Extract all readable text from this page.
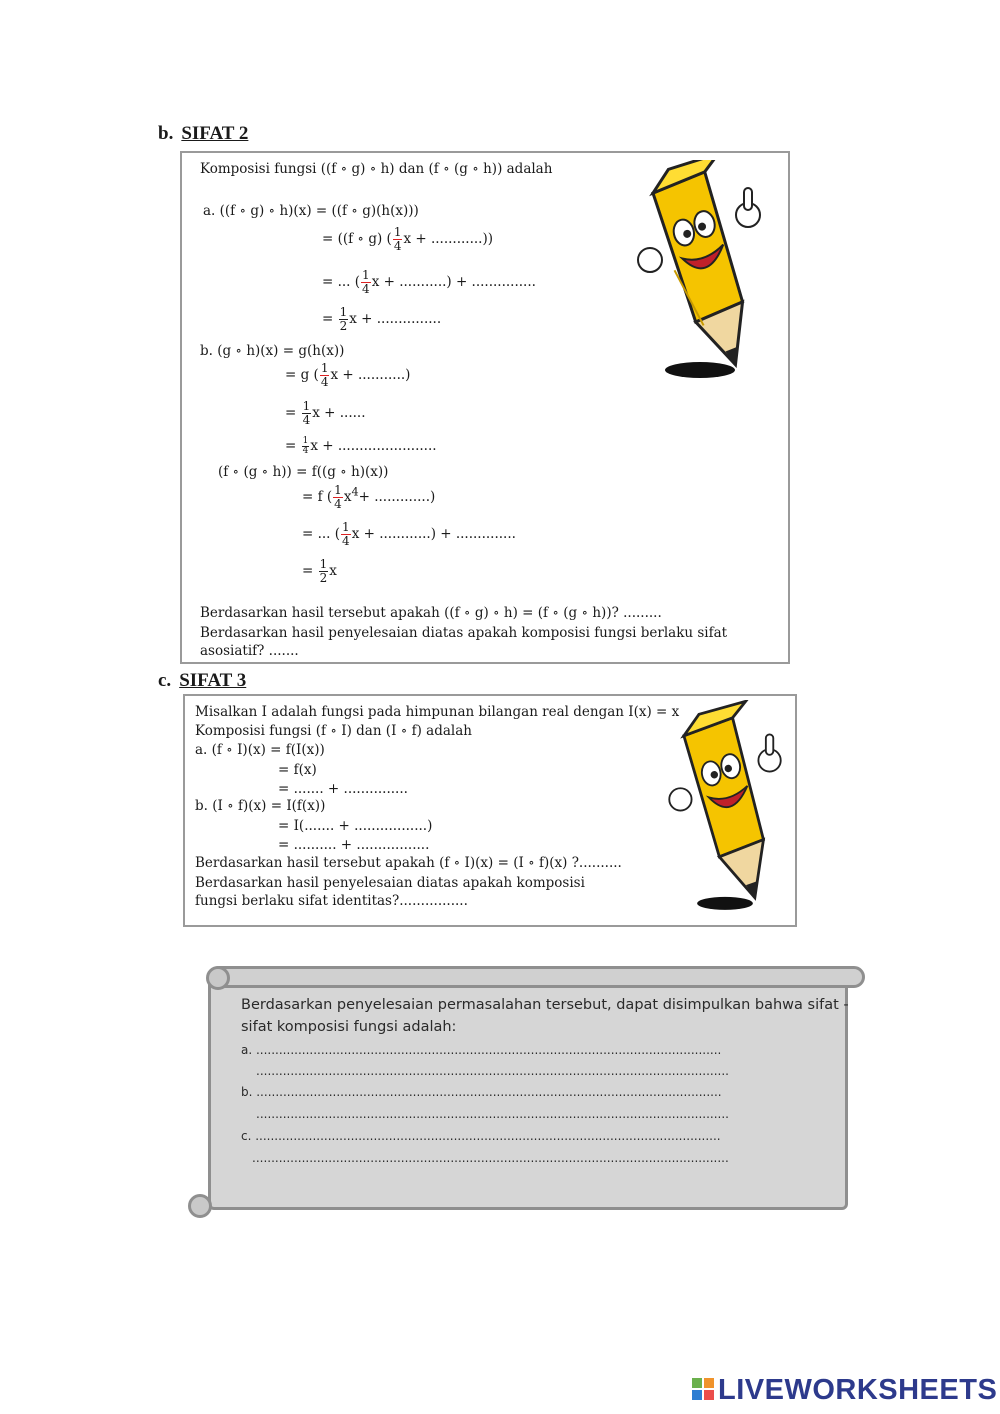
b. SIFAT 2
Komposisi fungsi ((f ∘ g) ∘ h) dan (f ∘ (g ∘ h)) adalah
a. ((f ∘ g) ∘ h)(x) = ((f ∘ g)(h(x)))
= ((f ∘ g) ( $\frac{1}{4}$ x + ............))
= ... ( $\frac{1}{4}$ x + ...........) + ...............
= $\frac{1}{2}$ x + ...............
b. (g ∘ h)(x) = g(h(x))
= g ( $\frac{1}{4}$ x + ...........)
= $\frac{1}{4}$ x + ......
= $\frac{1}{4}$ x + .......................
(f ∘ (g ∘ h)) = f((g ∘ h)(x))
= f ( $\frac{1}{4} x^4+$ .............)
= ... ( $\frac{1}{4}$ x + ............) + ..............
= $\frac{1}{2}$ x
Berdasarkan hasil tersebut apakah ((f ∘ g) ∘ h) = (f ∘ (g ∘ h))? .........
Berdasarkan hasil penyelesaian diatas apakah komposisi fungsi berlaku sifat asosiatif? .......
c. SIFAT 3
Misalkan I adalah fungsi pada himpunan bilangan real dengan I(x) = x
Komposisi fungsi (f ∘ I) dan (I ∘ f) adalah
a. (f ∘ I)(x) = f(I(x))
= f(x)
= ....... + ...............
b. (I ∘ f)(x) = I(f(x))
= I(....... + .................)
= .......... + .................
Berdasarkan hasil tersebut apakah (f ∘ I)(x) = (I ∘ f)(x) ?..........
Berdasarkan hasil penyelesaian diatas apakah komposisi
fungsi berlaku sifat identitas?................
Berdasarkan penyelesaian permasalahan tersebut, dapat disimpulkan bahwa sifat -
sifat komposisi fungsi adalah:
a. ..........................................................................................................................
............................................................................................................................
b. ..........................................................................................................................
............................................................................................................................
c. ..........................................................................................................................
.............................................................................................................................
LIVEWORKSHEETS
